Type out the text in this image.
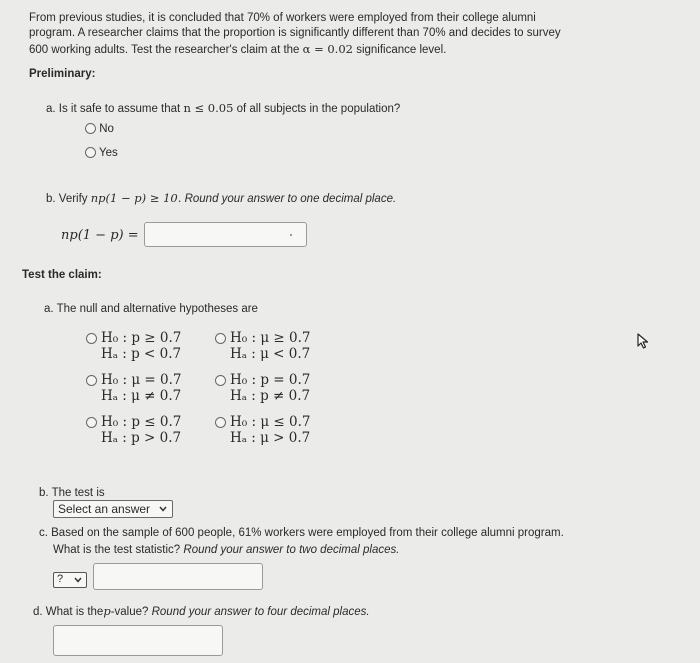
From previous studies, it is concluded that 70% of workers were employed from their college alumni
program. A researcher claims that the proportion is significantly different than 70% and decides to survey
600 working adults. Test the researcher's claim at the α = 0.02 significance level.
Preliminary:
a. Is it safe to assume that n ≤ 0.05 of all subjects in the population?
No
Yes
b. Verify np(1 − p) ≥ 10. Round your answer to one decimal place.
np(1 − p) =
Test the claim:
a. The null and alternative hypotheses are
H₀ : p ≥ 0.7
Hₐ : p < 0.7
H₀ : μ ≥ 0.7
Hₐ : μ < 0.7
H₀ : μ = 0.7
Hₐ : μ ≠ 0.7
H₀ : p = 0.7
Hₐ : p ≠ 0.7
H₀ : p ≤ 0.7
Hₐ : p > 0.7
H₀ : μ ≤ 0.7
Hₐ : μ > 0.7
b. The test is
Select an answer
c. Based on the sample of 600 people, 61% workers were employed from their college alumni program.
What is the test statistic? Round your answer to two decimal places.
?
d. What is thep-value? Round your answer to four decimal places.
